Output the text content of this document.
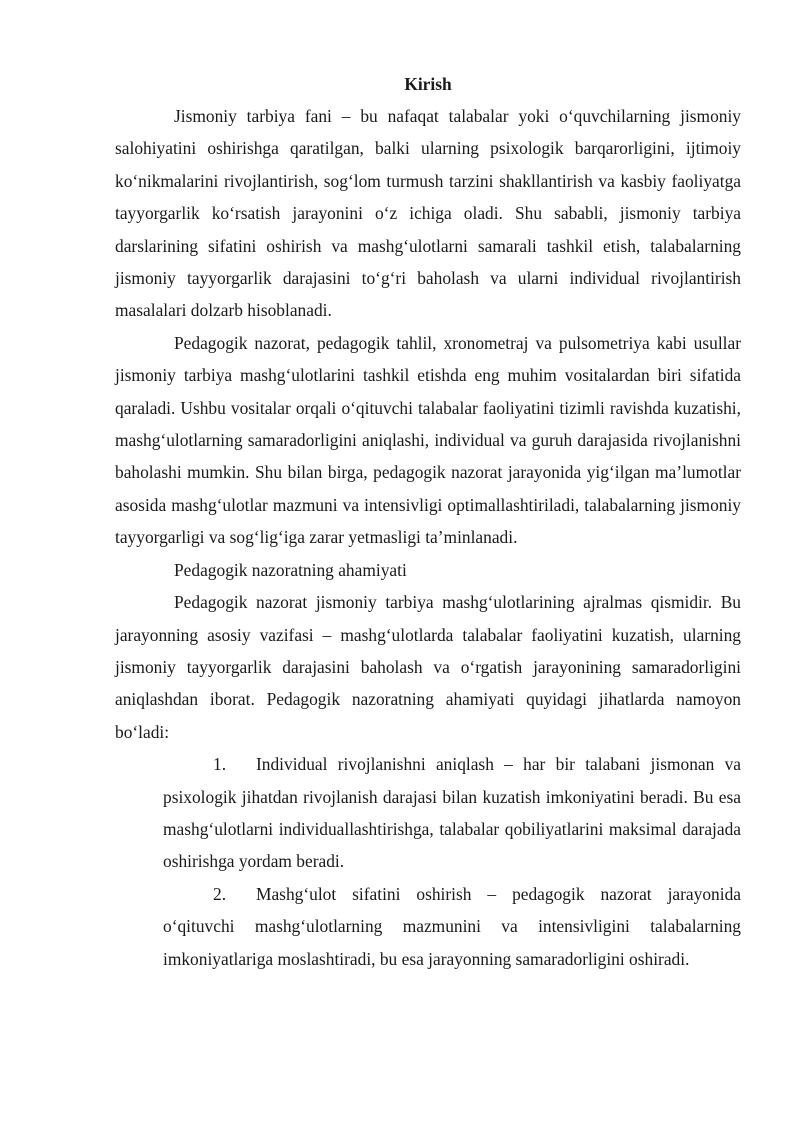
Kirish

Jismoniy tarbiya fani – bu nafaqat talabalar yoki o‘quvchilarning jismoniy salohiyatini oshirishga qaratilgan, balki ularning psixologik barqarorligini, ijtimoiy ko‘nikmalarini rivojlantirish, sog‘lom turmush tarzini shakllantirish va kasbiy faoliyatga tayyorgarlik ko‘rsatish jarayonini o‘z ichiga oladi. Shu sababli, jismoniy tarbiya darslarining sifatini oshirish va mashg‘ulotlarni samarali tashkil etish, talabalarning jismoniy tayyorgarlik darajasini to‘g‘ri baholash va ularni individual rivojlantirish masalalari dolzarb hisoblanadi.

Pedagogik nazorat, pedagogik tahlil, xronometraj va pulsometriya kabi usullar jismoniy tarbiya mashg‘ulotlarini tashkil etishda eng muhim vositalardan biri sifatida qaraladi. Ushbu vositalar orqali o‘qituvchi talabalar faoliyatini tizimli ravishda kuzatishi, mashg‘ulotlarning samaradorligini aniqlashi, individual va guruh darajasida rivojlanishni baholashi mumkin. Shu bilan birga, pedagogik nazorat jarayonida yig‘ilgan ma’lumotlar asosida mashg‘ulotlar mazmuni va intensivligi optimallashtiriladi, talabalarning jismoniy tayyorgarligi va sog‘lig‘iga zarar yetmasligi ta’minlanadi.

Pedagogik nazoratning ahamiyati

Pedagogik nazorat jismoniy tarbiya mashg‘ulotlarining ajralmas qismidir. Bu jarayonning asosiy vazifasi – mashg‘ulotlarda talabalar faoliyatini kuzatish, ularning jismoniy tayyorgarlik darajasini baholash va o‘rgatish jarayonining samaradorligini aniqlashdan iborat. Pedagogik nazoratning ahamiyati quyidagi jihatlarda namoyon bo‘ladi:

1. Individual rivojlanishni aniqlash – har bir talabani jismonan va psixologik jihatdan rivojlanish darajasi bilan kuzatish imkoniyatini beradi. Bu esa mashg‘ulotlarni individuallashtirishga, talabalar qobiliyatlarini maksimal darajada oshirishga yordam beradi.

2. Mashg‘ulot sifatini oshirish – pedagogik nazorat jarayonida o‘qituvchi mashg‘ulotlarning mazmunini va intensivligini talabalarning imkoniyatlariga moslashtiradi, bu esa jarayonning samaradorligini oshiradi.
